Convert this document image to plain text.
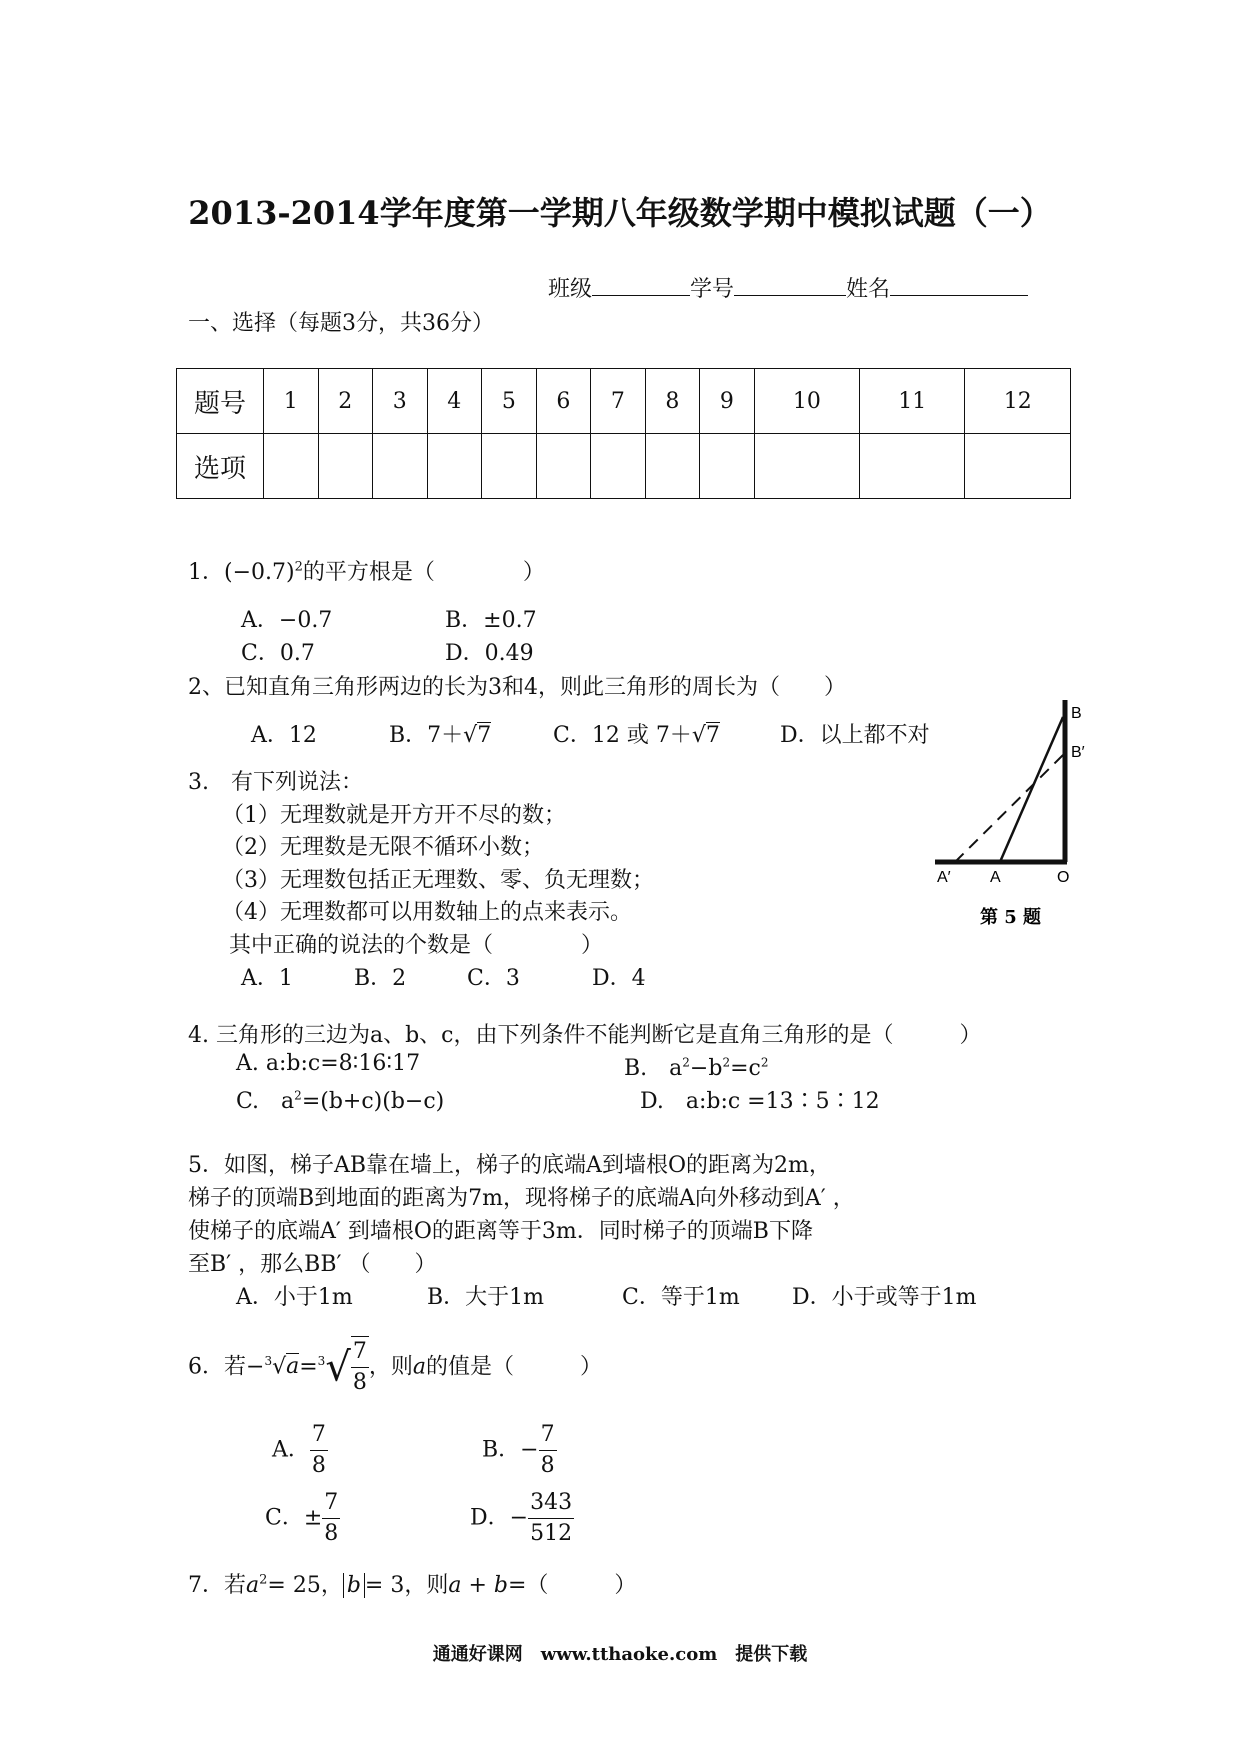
2013-2014学年度第一学期八年级数学期中模拟试题（一）
班级	学号	姓名
一、选择（每题3分，共36分）
题号	1	2	3	4	5	6	7	8	9	10	11	12
选项												
1．$(-0.7)^2$的平方根是（　　　　）
A．−0.7	B．±0.7
C．0.7	D．0.49
2、已知直角三角形两边的长为3和4，则此三角形的周长为（　　）
A．12	B．7＋√7	C．12 或 7＋√7	D．以上都不对
3.　有下列说法：
（1）无理数就是开方开不尽的数；
（2）无理数是无限不循环小数；
（3）无理数包括正无理数、零、负无理数；
（4）无理数都可以用数轴上的点来表示。
其中正确的说法的个数是（　　　　）
A．1	B．2	C．3	D．4
B
B′
A′ A	O
第 5 题
4. 三角形的三边为a、b、c，由下列条件不能判断它是直角三角形的是（　　　）
A. a:b:c=8∶16∶17	B.　$a^2-b^2=c^2$
C.　$a^2=(b+c)(b-c)$	D.　a:b:c =13∶5∶12
5．如图，梯子AB靠在墙上，梯子的底端A到墙根O的距离为2m，
梯子的顶端B到地面的距离为7m，现将梯子的底端A向外移动到A′ ，
使梯子的底端A′ 到墙根O的距离等于3m．同时梯子的顶端B下降
至B′ ，那么BB′ （　　）
A．小于1m	B．大于1m	C．等于1m D．小于或等于1m
6．若$-^3√a=^3√ \frac{7}{8}$ ，则a的值是（　　　）
A． $\frac{7}{8}$	B．− $\frac{7}{8}$
C．± $\frac{7}{8}$	D．− $\frac{343}{512}$
7．若$a^2= 25$， b = 3，则a + b=（　　　）
通通好课网　www.tthaoke.com　提供下载
